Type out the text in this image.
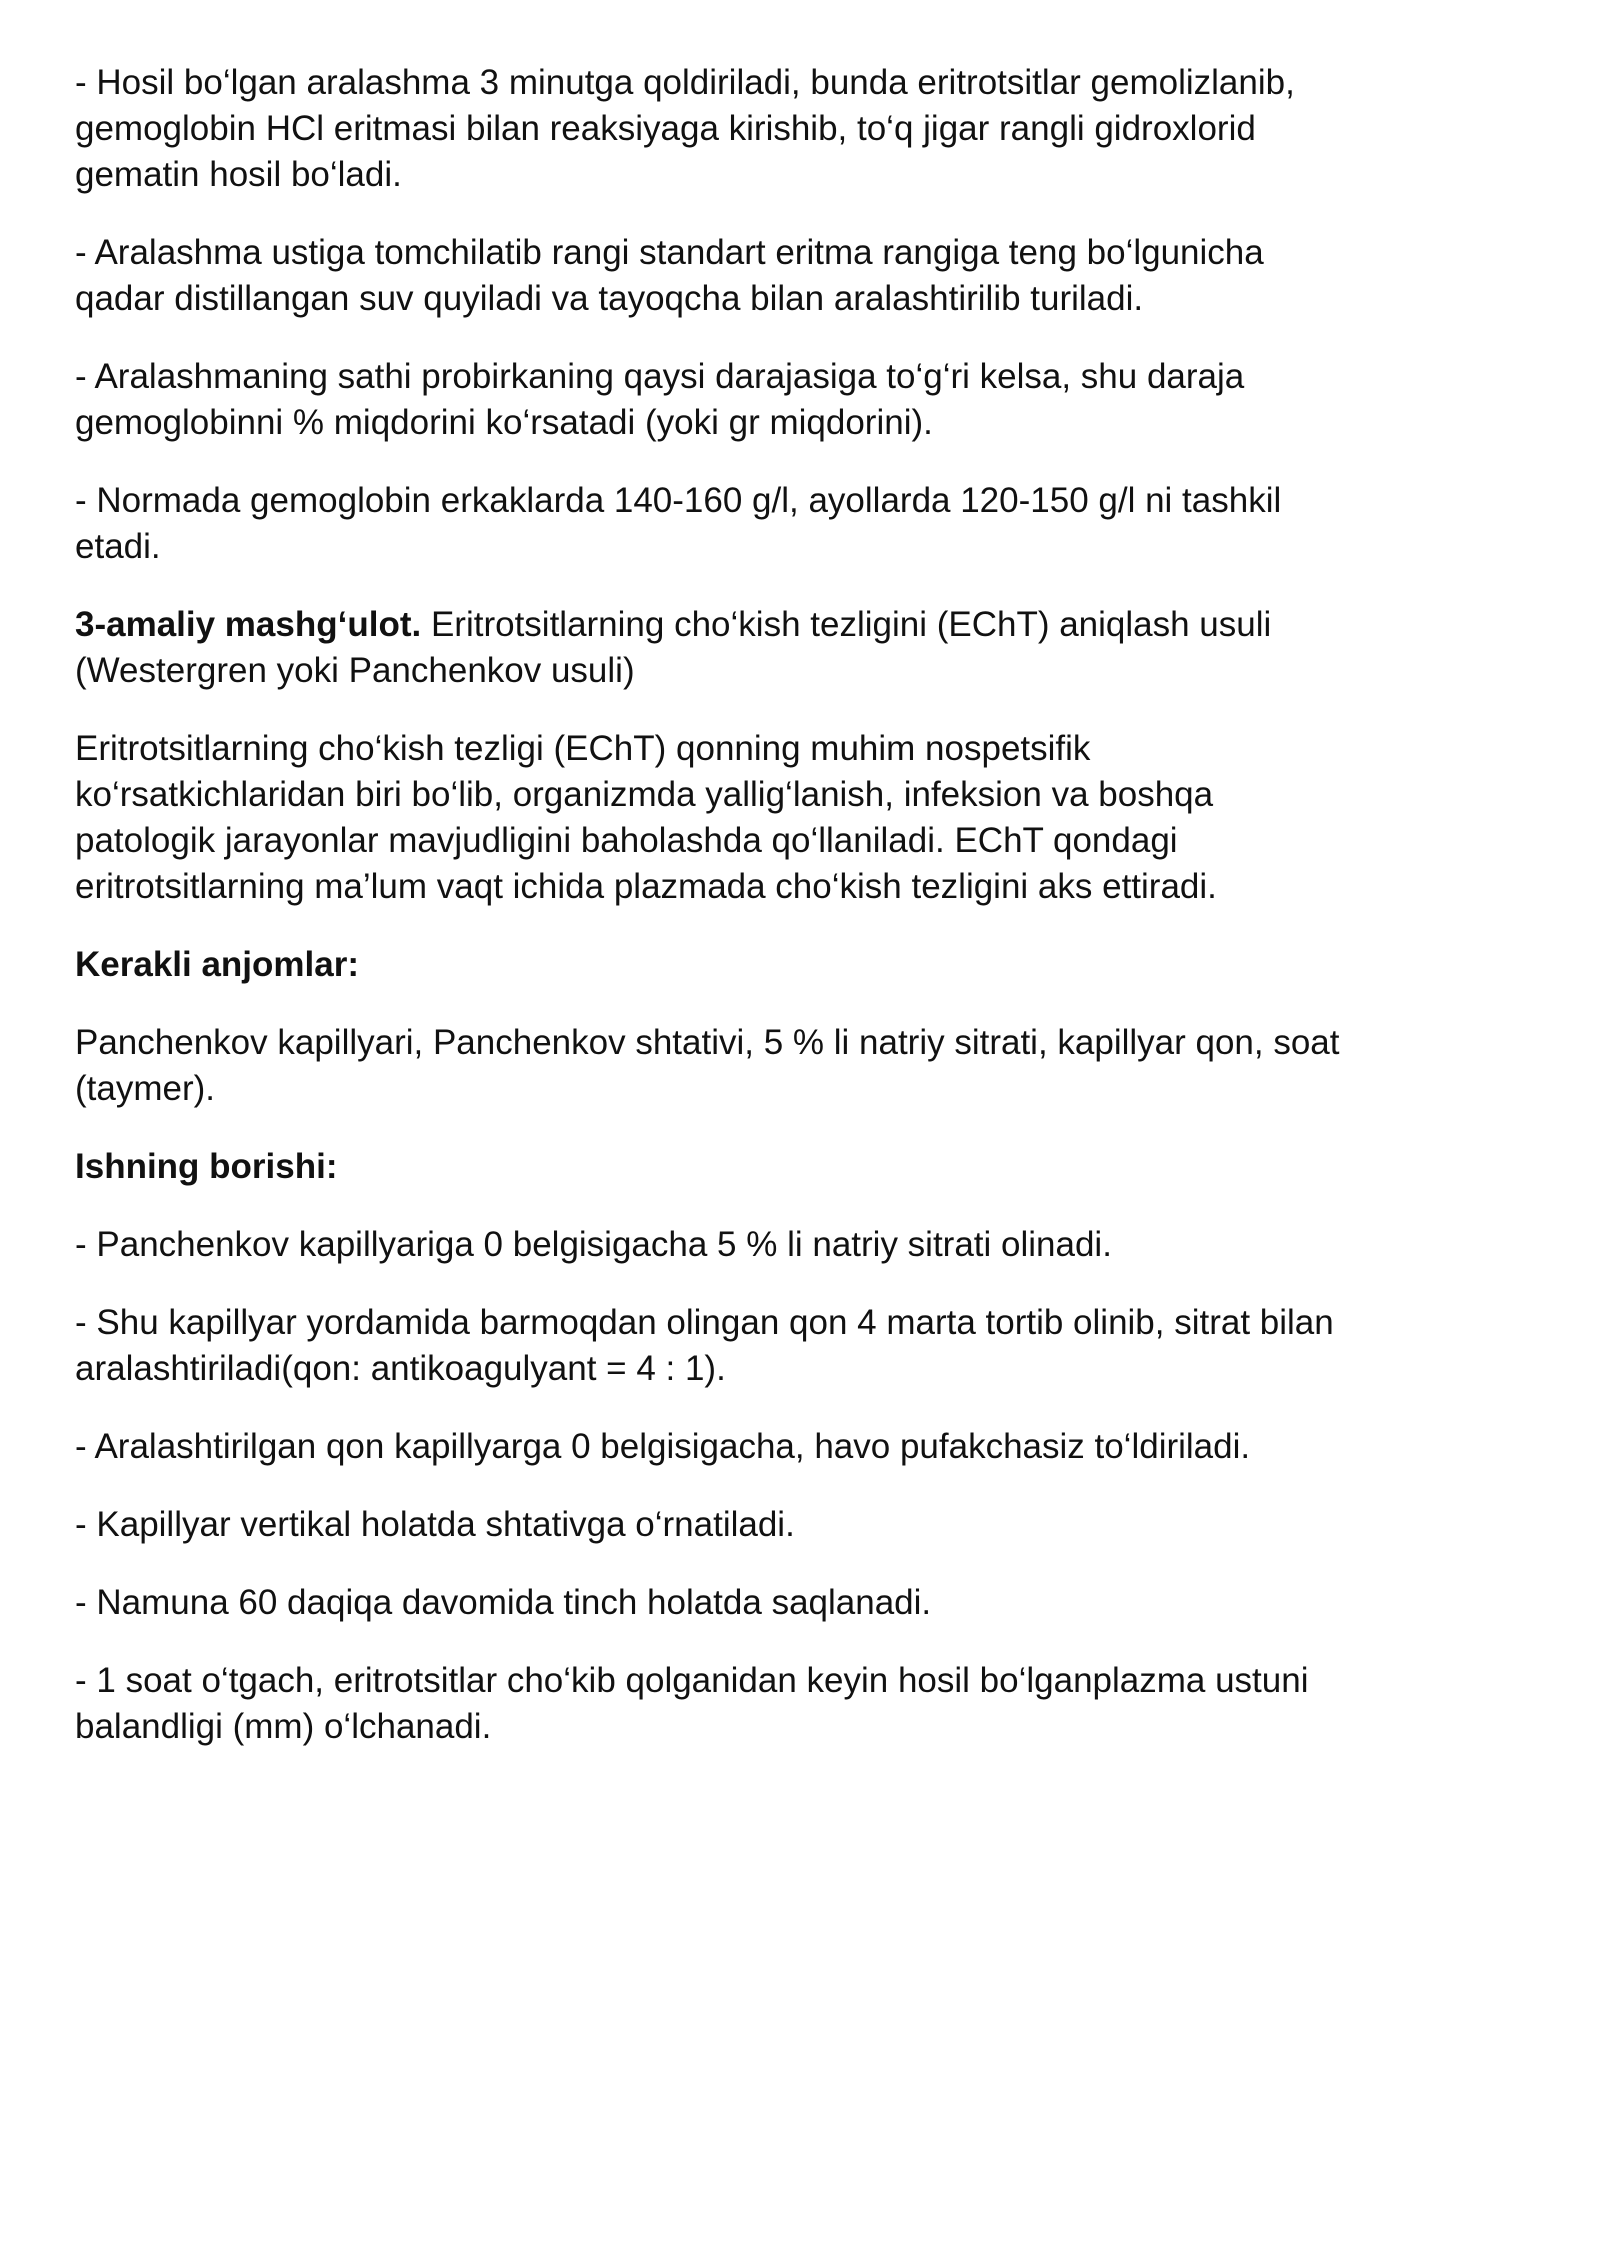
- Hosil bo‘lgan aralashma 3 minutga qoldiriladi, bunda eritrotsitlar gemolizlanib,
gemoglobin HCl eritmasi bilan reaksiyaga kirishib, to‘q jigar rangli gidroxlorid
gematin hosil bo‘ladi.

- Aralashma ustiga tomchilatib rangi standart eritma rangiga teng bo‘lgunicha
qadar distillangan suv quyiladi va tayoqcha bilan aralashtirilib turiladi.

- Aralashmaning sathi probirkaning qaysi darajasiga to‘g‘ri kelsa, shu daraja
gemoglobinni % miqdorini ko‘rsatadi (yoki gr miqdorini).

- Normada gemoglobin erkaklarda 140-160 g/l, ayollarda 120-150 g/l ni tashkil
etadi.

3-amaliy mashg‘ulot. Eritrotsitlarning cho‘kish tezligini (EChT) aniqlash usuli
(Westergren yoki Panchenkov usuli)

Eritrotsitlarning cho‘kish tezligi (EChT) qonning muhim nospetsifik
ko‘rsatkichlaridan biri bo‘lib, organizmda yallig‘lanish, infeksion va boshqa
patologik jarayonlar mavjudligini baholashda qo‘llaniladi. EChT qondagi
eritrotsitlarning ma’lum vaqt ichida plazmada cho‘kish tezligini aks ettiradi.

Kerakli anjomlar:

Panchenkov kapillyari, Panchenkov shtativi, 5 % li natriy sitrati, kapillyar qon, soat
(taymer).

Ishning borishi:

- Panchenkov kapillyariga 0 belgisigacha 5 % li natriy sitrati olinadi.

- Shu kapillyar yordamida barmoqdan olingan qon 4 marta tortib olinib, sitrat bilan
aralashtiriladi(qon: antikoagulyant = 4 : 1).

- Aralashtirilgan qon kapillyarga 0 belgisigacha, havo pufakchasiz to‘ldiriladi.

- Kapillyar vertikal holatda shtativga o‘rnatiladi.

- Namuna 60 daqiqa davomida tinch holatda saqlanadi.

- 1 soat o‘tgach, eritrotsitlar cho‘kib qolganidan keyin hosil bo‘lganplazma ustuni
balandligi (mm) o‘lchanadi.
